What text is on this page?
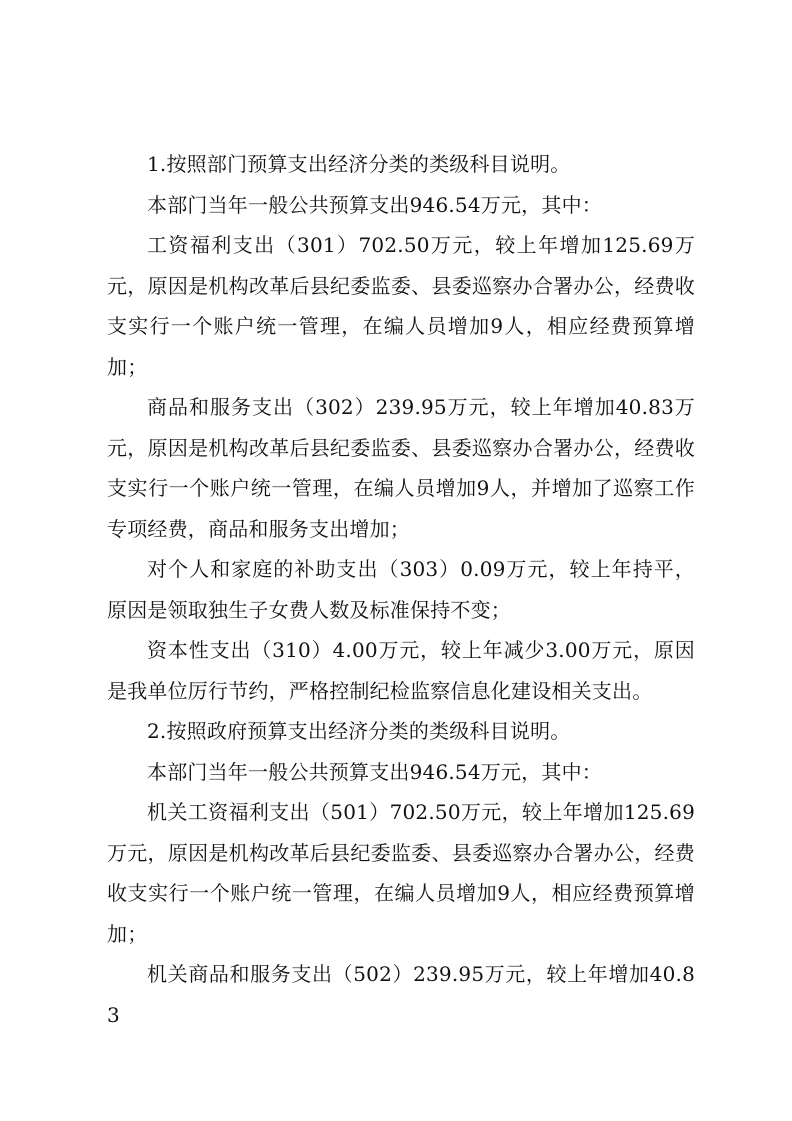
1.按照部门预算支出经济分类的类级科目说明。

本部门当年一般公共预算支出946.54万元，其中：

工资福利支出（301）702.50万元，较上年增加125.69万元，原因是机构改革后县纪委监委、县委巡察办合署办公，经费收支实行一个账户统一管理，在编人员增加9人，相应经费预算增加；

商品和服务支出（302）239.95万元，较上年增加40.83万元，原因是机构改革后县纪委监委、县委巡察办合署办公，经费收支实行一个账户统一管理，在编人员增加9人，并增加了巡察工作专项经费，商品和服务支出增加；

对个人和家庭的补助支出（303）0.09万元，较上年持平，原因是领取独生子女费人数及标准保持不变；

资本性支出（310）4.00万元，较上年减少3.00万元，原因是我单位厉行节约，严格控制纪检监察信息化建设相关支出。

2.按照政府预算支出经济分类的类级科目说明。

本部门当年一般公共预算支出946.54万元，其中：

机关工资福利支出（501）702.50万元，较上年增加125.69万元，原因是机构改革后县纪委监委、县委巡察办合署办公，经费收支实行一个账户统一管理，在编人员增加9人，相应经费预算增加；

机关商品和服务支出（502）239.95万元，较上年增加40.83
